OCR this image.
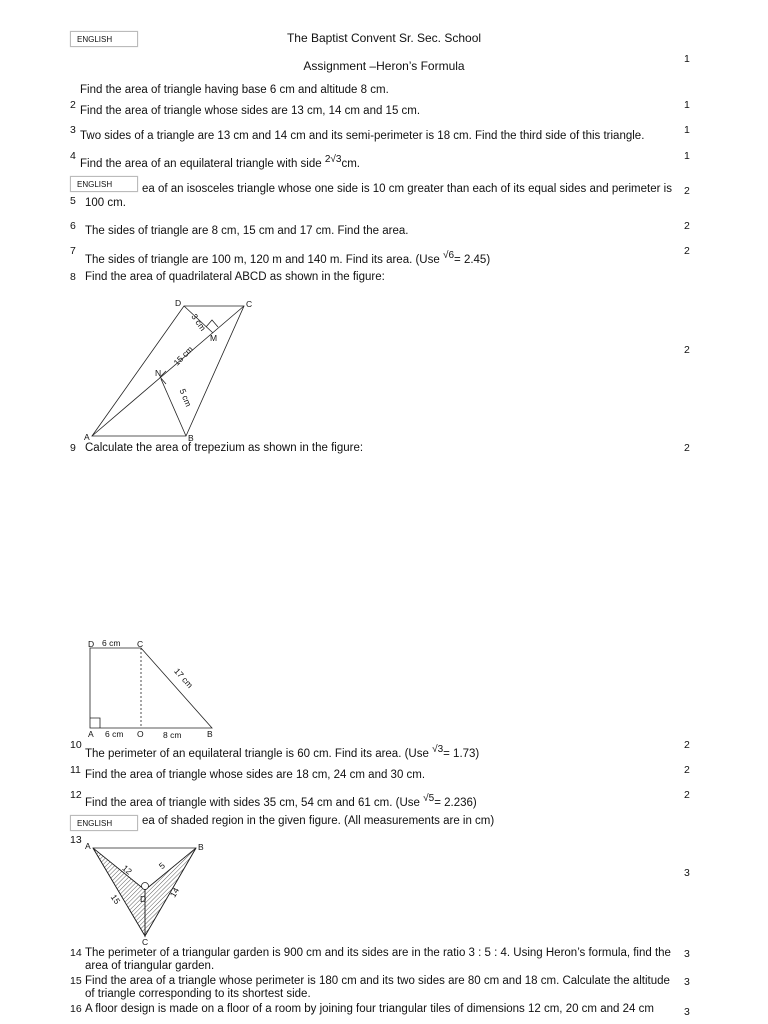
ENGLISH	The Baptist Convent Sr. Sec. School
Assignment –Heron’s Formula
Find the area of triangle having base 6 cm and altitude 8 cm.
1
2 Find the area of triangle whose sides are 13 cm, 14 cm and 15 cm.	1
3 Two sides of a triangle are 13 cm and 14 cm and its semi-perimeter is 18 cm. Find the third side of this triangle.	1
4
Find the area of an equilateral triangle with side 2√3cm.
1
ea of an isosceles triangle whose one side is 10 cm greater than each of its equal sides and perimeter is
ENGLISH
2
5 100 cm.
6 The sides of triangle are 8 cm, 15 cm and 17 cm. Find the area.	2
7
The sides of triangle are 100 m, 120 m and 140 m. Find its area. (Use √6= 2.45)
2
8 Find the area of quadrilateral ABCD as shown in the figure:
2
A	B
C
D
M
N
3 cm
15 cm
5 cm
9 Calculate the area of trepezium as shown in the figure:	2
D 6 cm C
A 6 cm O 8 cm	B
17 cm
10
The perimeter of an equilateral triangle is 60 cm. Find its area. (Use √3= 1.73)
2
11 Find the area of triangle whose sides are 18 cm, 24 cm and 30 cm.	2
12
Find the area of triangle with sides 35 cm, 54 cm and 61 cm. (Use √5= 2.236)
2
ea of shaded region in the given figure. (All measurements are in cm)
ENGLISH
13
3
A	B
C
D
12	5
15
14
14 The perimeter of a triangular garden is 900 cm and its sides are in the ratio 3 : 5 : 4. Using Heron’s formula, find the
area of triangular garden.
3
15 Find the area of a triangle whose perimeter is 180 cm and its two sides are 80 cm and 18 cm. Calculate the altitude
of triangle corresponding to its shortest side.
3
16 A floor design is made on a floor of a room by joining four triangular tiles of dimensions 12 cm, 20 cm and 24 cm	3
